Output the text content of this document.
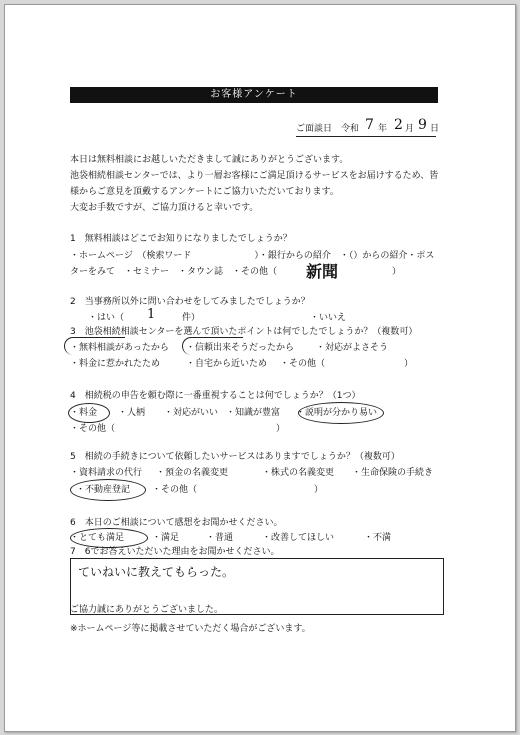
お客様アンケート
ご面談日　令和 7 年 2 月 9 日
本日は無料相談にお越しいただきまして誠にありがとうございます。
池袋相続相談センターでは、より一層お客様にご満足頂けるサービスをお届けするため、皆
様からご意見を頂戴するアンケートにご協力いただいております。
大変お手数ですが、ご協力頂けると幸いです。
1　無料相談はどこでお知りになりましたでしょうか？
・ホームページ　（検索ワード　　　　　　　）・銀行からの紹介　・（）からの紹介・ポス
ターをみて　・セミナー　・タウン誌　・その他（ 新聞	）
2　当事務所以外に問い合わせをしてみましたでしょうか？
・はい（ 1	件）	・いいえ
3　池袋相続相談センターを選んで頂いたポイントは何でしたでしょうか？（複数可）
・無料相談があったから ・信頼出来そうだったから ・対応がよさそう
・料金に惹かれたため	・自宅から近いため ・その他（	）
4　相続税の申告を頼む際に一番重視することは何でしょうか？（1つ）
・料金 ・人柄 ・対応がいい ・知識が豊富 ・説明が分かり易い
・その他（	）
5　相続の手続きについて依頼したいサービスはありますでしょうか？（複数可）
・資料請求の代行 ・預金の名義変更	・株式の名義変更 ・生命保険の手続き
・不動産登記 ・その他（	）
6　本日のご相談について感想をお聞かせください。
・とても満足	・満足	・普通	・改善してほしい	・不満
7　6でお答えいただいた理由をお聞かせください。
ていねいに教えてもらった。
ご協力誠にありがとうございました。
※ホームページ等に掲載させていただく場合がございます。
